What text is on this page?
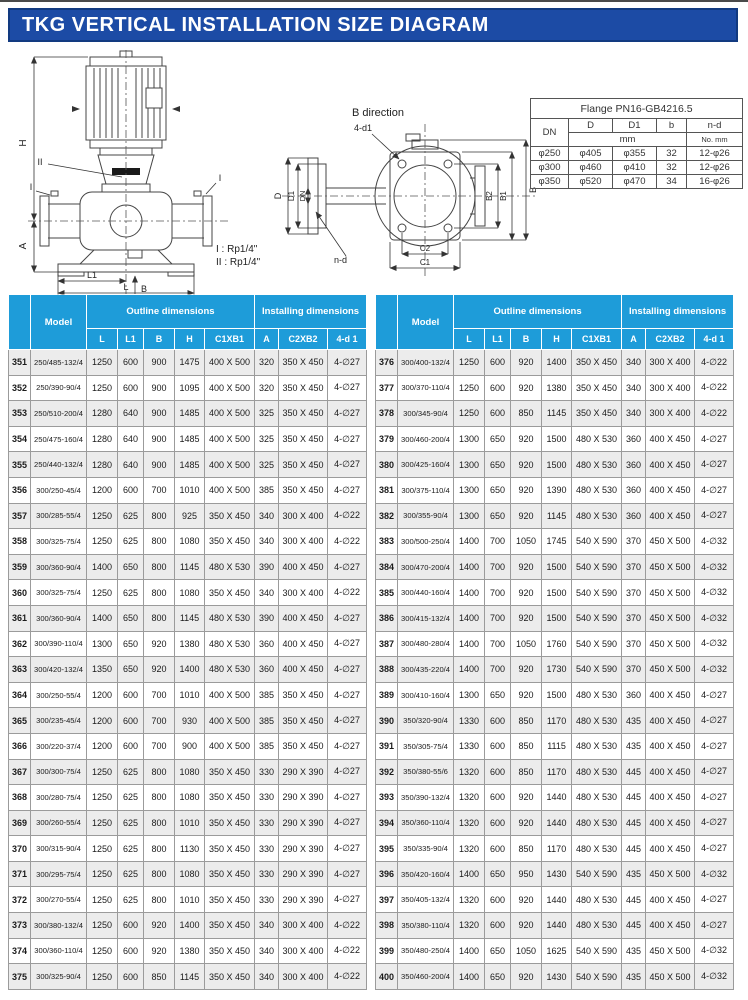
TKG VERTICAL INSTALLATION SIZE DIAGRAM
H
A
L1
L B
II
I
I
B direction
D D1 DN
4-d1
B
B1
B2
C2
C1
n-d
I : Rp1/4"
II : Rp1/4"
Flange PN16-GB4216.5				
DN	D	D1	b	n-d
	mm			No. mm
φ250	φ405	φ355	32	12-φ26
φ300	φ460	φ410	32	12-φ26
φ350	φ520	φ470	34	16-φ26
	Model	Outline dimensions					Installing dimensions		
		L	L1	B	H	C1XB1	A	C2XB2	4-d 1
351	250/485-132/4	1250	600	900	1475	400 X 500	320	350 X 450	4-∅27
352	250/390-90/4	1250	600	900	1095	400 X 500	320	350 X 450	4-∅27
353	250/510-200/4	1280	640	900	1485	400 X 500	325	350 X 450	4-∅27
354	250/475-160/4	1280	640	900	1485	400 X 500	325	350 X 450	4-∅27
355	250/440-132/4	1280	640	900	1485	400 X 500	325	350 X 450	4-∅27
356	300/250-45/4	1200	600	700	1010	400 X 500	385	350 X 450	4-∅27
357	300/285-55/4	1250	625	800	925	350 X 450	340	300 X 400	4-∅22
358	300/325-75/4	1250	625	800	1080	350 X 450	340	300 X 400	4-∅22
359	300/360-90/4	1400	650	800	1145	480 X 530	390	400 X 450	4-∅27
360	300/325-75/4	1250	625	800	1080	350 X 450	340	300 X 400	4-∅22
361	300/360-90/4	1400	650	800	1145	480 X 530	390	400 X 450	4-∅27
362	300/390-110/4	1300	650	920	1380	480 X 530	360	400 X 450	4-∅27
363	300/420-132/4	1350	650	920	1400	480 X 530	360	400 X 450	4-∅27
364	300/250-55/4	1200	600	700	1010	400 X 500	385	350 X 450	4-∅27
365	300/235-45/4	1200	600	700	930	400 X 500	385	350 X 450	4-∅27
366	300/220-37/4	1200	600	700	900	400 X 500	385	350 X 450	4-∅27
367	300/300-75/4	1250	625	800	1080	350 X 450	330	290 X 390	4-∅27
368	300/280-75/4	1250	625	800	1080	350 X 450	330	290 X 390	4-∅27
369	300/260-55/4	1250	625	800	1010	350 X 450	330	290 X 390	4-∅27
370	300/315-90/4	1250	625	800	1130	350 X 450	330	290 X 390	4-∅27
371	300/295-75/4	1250	625	800	1080	350 X 450	330	290 X 390	4-∅27
372	300/270-55/4	1250	625	800	1010	350 X 450	330	290 X 390	4-∅27
373	300/380-132/4	1250	600	920	1400	350 X 450	340	300 X 400	4-∅22
374	300/360-110/4	1250	600	920	1380	350 X 450	340	300 X 400	4-∅22
375	300/325-90/4	1250	600	850	1145	350 X 450	340	300 X 400	4-∅22
	Model	Outline dimensions					Installing dimensions		
		L	L1	B	H	C1XB1	A	C2XB2	4-d 1
376	300/400-132/4	1250	600	920	1400	350 X 450	340	300 X 400	4-∅22
377	300/370-110/4	1250	600	920	1380	350 X 450	340	300 X 400	4-∅22
378	300/345-90/4	1250	600	850	1145	350 X 450	340	300 X 400	4-∅22
379	300/460-200/4	1300	650	920	1500	480 X 530	360	400 X 450	4-∅27
380	300/425-160/4	1300	650	920	1500	480 X 530	360	400 X 450	4-∅27
381	300/375-110/4	1300	650	920	1390	480 X 530	360	400 X 450	4-∅27
382	300/355-90/4	1300	650	920	1145	480 X 530	360	400 X 450	4-∅27
383	300/500-250/4	1400	700	1050	1745	540 X 590	370	450 X 500	4-∅32
384	300/470-200/4	1400	700	920	1500	540 X 590	370	450 X 500	4-∅32
385	300/440-160/4	1400	700	920	1500	540 X 590	370	450 X 500	4-∅32
386	300/415-132/4	1400	700	920	1500	540 X 590	370	450 X 500	4-∅32
387	300/480-280/4	1400	700	1050	1760	540 X 590	370	450 X 500	4-∅32
388	300/435-220/4	1400	700	920	1730	540 X 590	370	450 X 500	4-∅32
389	300/410-160/4	1300	650	920	1500	480 X 530	360	400 X 450	4-∅27
390	350/320-90/4	1330	600	850	1170	480 X 530	435	400 X 450	4-∅27
391	350/305-75/4	1330	600	850	1115	480 X 530	435	400 X 450	4-∅27
392	350/380-55/6	1320	600	850	1170	480 X 530	445	400 X 450	4-∅27
393	350/390-132/4	1320	600	920	1440	480 X 530	445	400 X 450	4-∅27
394	350/360-110/4	1320	600	920	1440	480 X 530	445	400 X 450	4-∅27
395	350/335-90/4	1320	600	850	1170	480 X 530	445	400 X 450	4-∅27
396	350/420-160/4	1400	650	950	1430	540 X 590	435	450 X 500	4-∅32
397	350/405-132/4	1320	600	920	1440	480 X 530	445	400 X 450	4-∅27
398	350/380-110/4	1320	600	920	1440	480 X 530	445	400 X 450	4-∅27
399	350/480-250/4	1400	650	1050	1625	540 X 590	435	450 X 500	4-∅32
400	350/460-200/4	1400	650	920	1430	540 X 590	435	450 X 500	4-∅32
